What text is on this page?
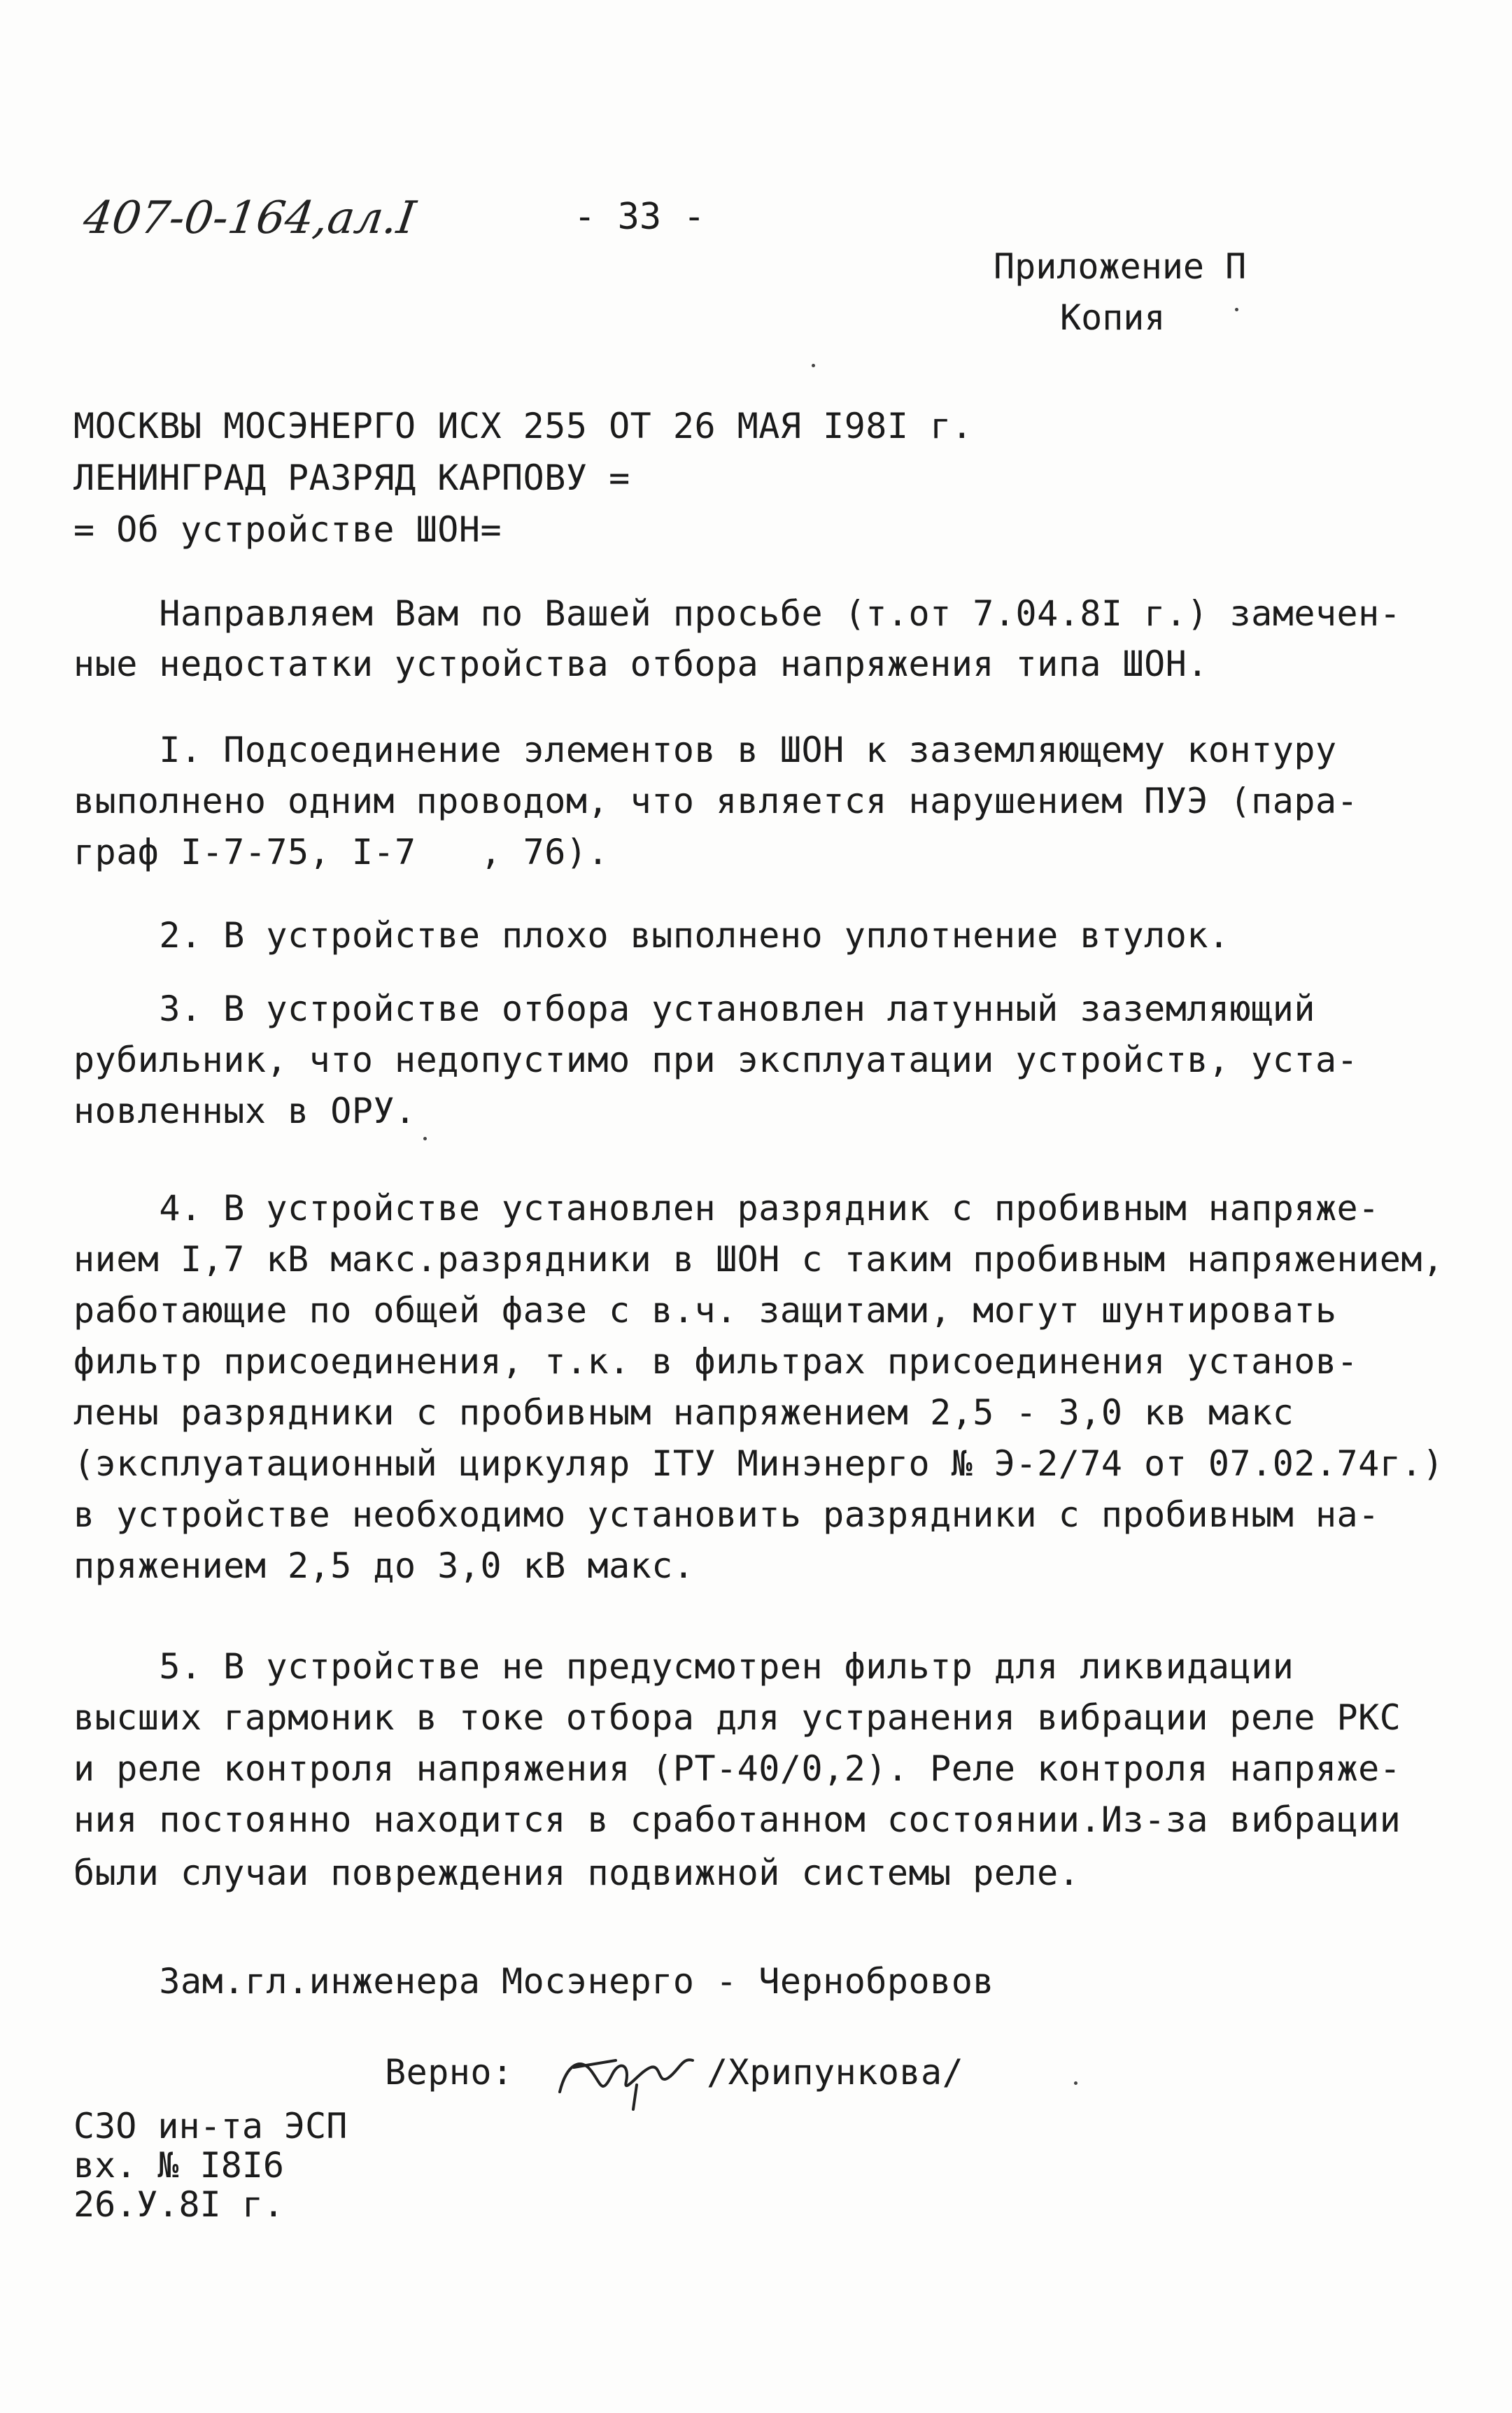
407-0-164,ал.I	- 33 -
Приложение П
Копия
МОСКВЫ МОСЭНЕРГО ИСХ 255 ОТ 26 МАЯ I98I г.
ЛЕНИНГРАД РАЗРЯД КАРПОВУ =
= Об устройстве ШОН=
Направляем Вам по Вашей просьбе (т.от 7.04.8I г.) замечен-
ные недостатки устройства отбора напряжения типа ШОН.
I. Подсоединение элементов в ШОН к заземляющему контуру
выполнено одним проводом, что является нарушением ПУЭ (пара-
граф I-7-75, I-7   , 76).
2. В устройстве плохо выполнено уплотнение втулок.
3. В устройстве отбора установлен латунный заземляющий
рубильник, что недопустимо при эксплуатации устройств, уста-
новленных в ОРУ.
4. В устройстве установлен разрядник с пробивным напряже-
нием I,7 кВ макс.разрядники в ШОН с таким пробивным напряжением,
работающие по общей фазе с в.ч. защитами, могут шунтировать
фильтр присоединения, т.к. в фильтрах присоединения установ-
лены разрядники с пробивным напряжением 2,5 - 3,0 кв макс
(эксплуатационный циркуляр IТУ Минэнерго № Э-2/74 от 07.02.74г.)
в устройстве необходимо установить разрядники с пробивным на-
пряжением 2,5 до 3,0 кВ макс.
5. В устройстве не предусмотрен фильтр для ликвидации
высших гармоник в токе отбора для устранения вибрации реле РКС
и реле контроля напряжения (РТ-40/0,2). Реле контроля напряже-
ния постоянно находится в сработанном состоянии.Из-за вибрации
были случаи повреждения подвижной системы реле.
Зам.гл.инженера Мосэнерго - Чернобровов
Верно:	/Хрипункова/
СЗО ин-та ЭСП
вх. № I8I6
26.У.8I г.
